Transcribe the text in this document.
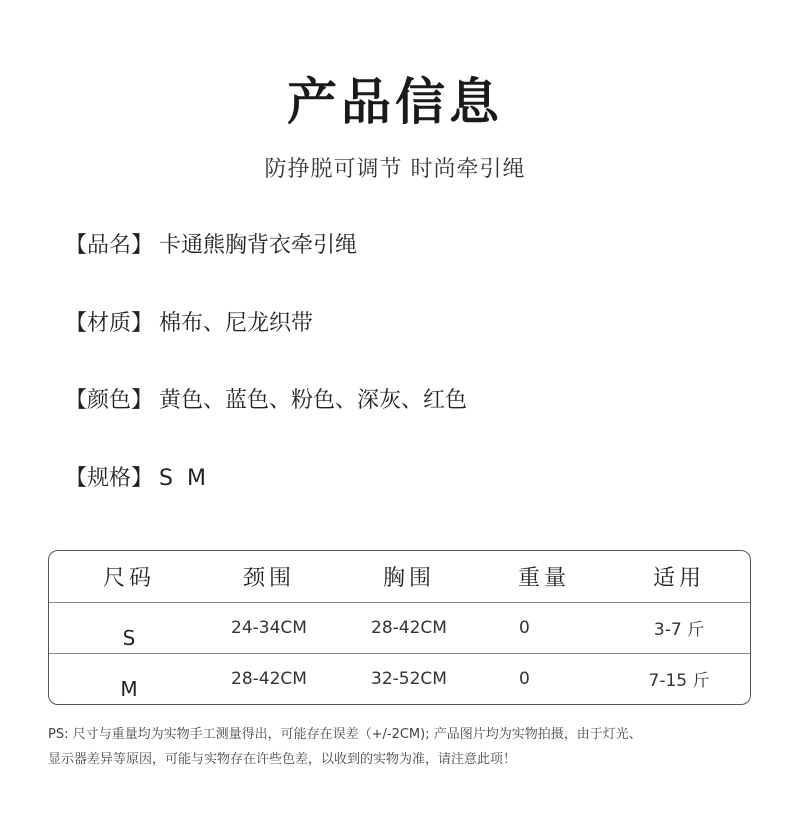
产品信息
防挣脱可调节 时尚牵引绳
【品名】 卡通熊胸背衣牵引绳
【材质】 棉布、尼龙织带
【颜色】 黄色、蓝色、粉色、深灰、红色
【规格】 S  M
尺码	颈围	胸围	重量	适用
S	24-34CM	28-42CM	0	3-7 斤
M	28-42CM	32-52CM	0	7-15 斤

PS: 尺寸与重量均为实物手工测量得出，可能存在误差（+/-2CM); 产品图片均为实物拍摄，由于灯光、

显示器差异等原因，可能与实物存在许些色差，以收到的实物为准，请注意此项！
